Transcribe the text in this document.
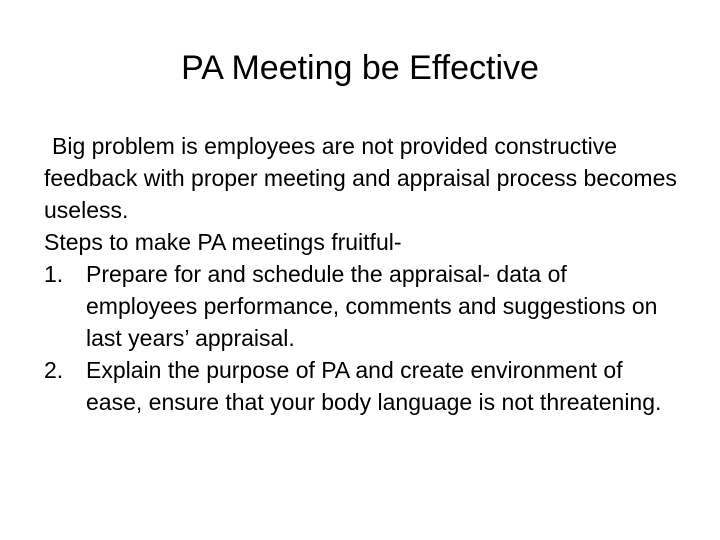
PA Meeting be Effective

Big problem is employees are not provided constructive feedback with proper meeting and appraisal process becomes useless.

Steps to make PA meetings fruitful-

1. Prepare for and schedule the appraisal- data of employees performance, comments and suggestions on last years’ appraisal.
2. Explain the purpose of PA and create environment of ease, ensure that your body language is not threatening.
